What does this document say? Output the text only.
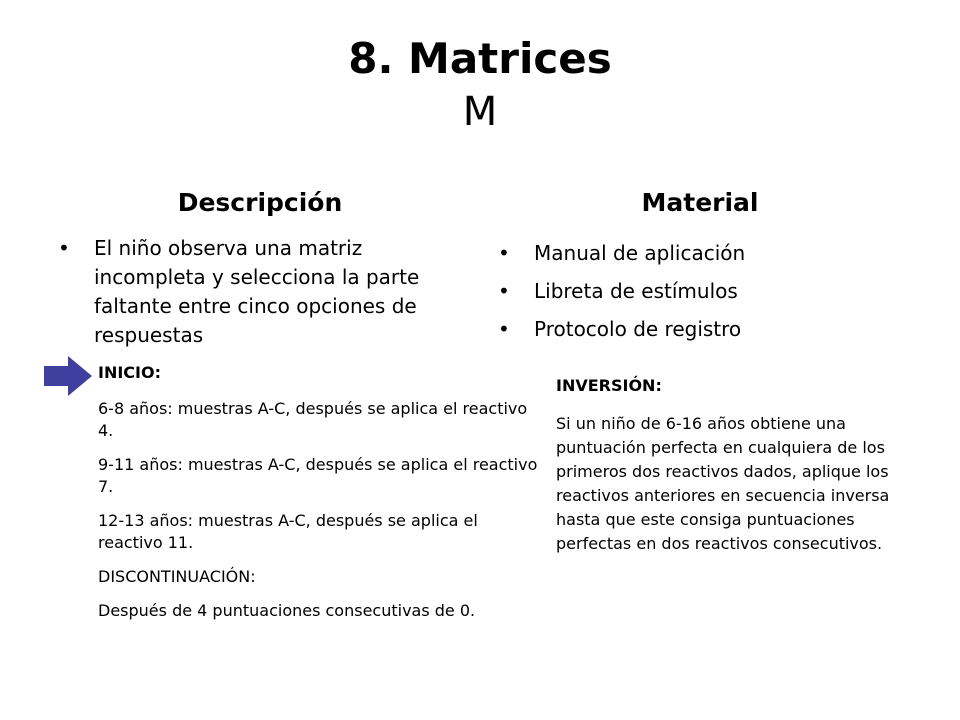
8. Matrices
M
Descripción	Material
• El niño observa una matriz incompleta y selecciona la parte faltante entre cinco opciones de respuestas
• Manual de aplicación
• Libreta de estímulos
• Protocolo de registro

INICIO:

6-8 años: muestras A-C, después se aplica el reactivo 4.

9-11 años: muestras A-C, después se aplica el reactivo 7.

12-13 años: muestras A-C, después se aplica el reactivo 11.

DISCONTINUACIÓN:

Después de 4 puntuaciones consecutivas de 0.

INVERSIÓN:

Si un niño de 6-16 años obtiene una puntuación perfecta en cualquiera de los primeros dos reactivos dados, aplique los reactivos anteriores en secuencia inversa hasta que este consiga puntuaciones perfectas en dos reactivos consecutivos.
